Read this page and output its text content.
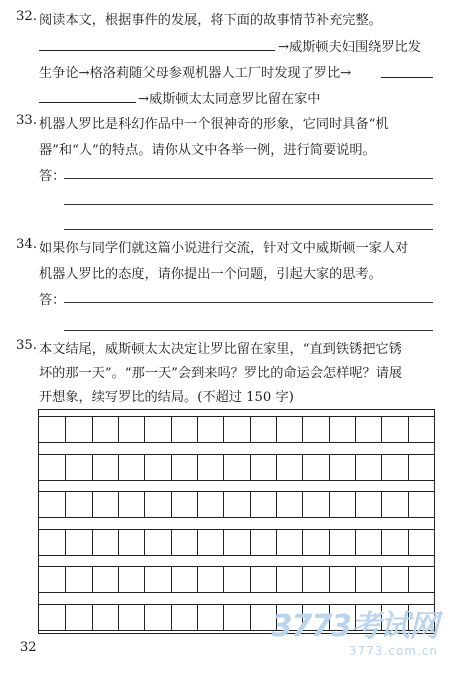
32. 阅读本文，根据事件的发展，将下面的故事情节补充完整。
→威斯顿夫妇围绕罗比发
生争论→格洛莉随父母参观机器人工厂时发现了罗比→
→威斯顿太太同意罗比留在家中
33. 机器人罗比是科幻作品中一个很神奇的形象，它同时具备“机
器”和“人”的特点。请你从文中各举一例，进行简要说明。
答：
34. 如果你与同学们就这篇小说进行交流，针对文中威斯顿一家人对
机器人罗比的态度，请你提出一个问题，引起大家的思考。
答：
35. 本文结尾，威斯顿太太决定让罗比留在家里，“直到铁锈把它锈
坏的那一天”。“那一天”会到来吗？罗比的命运会怎样呢？请展
开想象，续写罗比的结局。(不超过 150 字)
32
3773考试网
3773.com.cn
